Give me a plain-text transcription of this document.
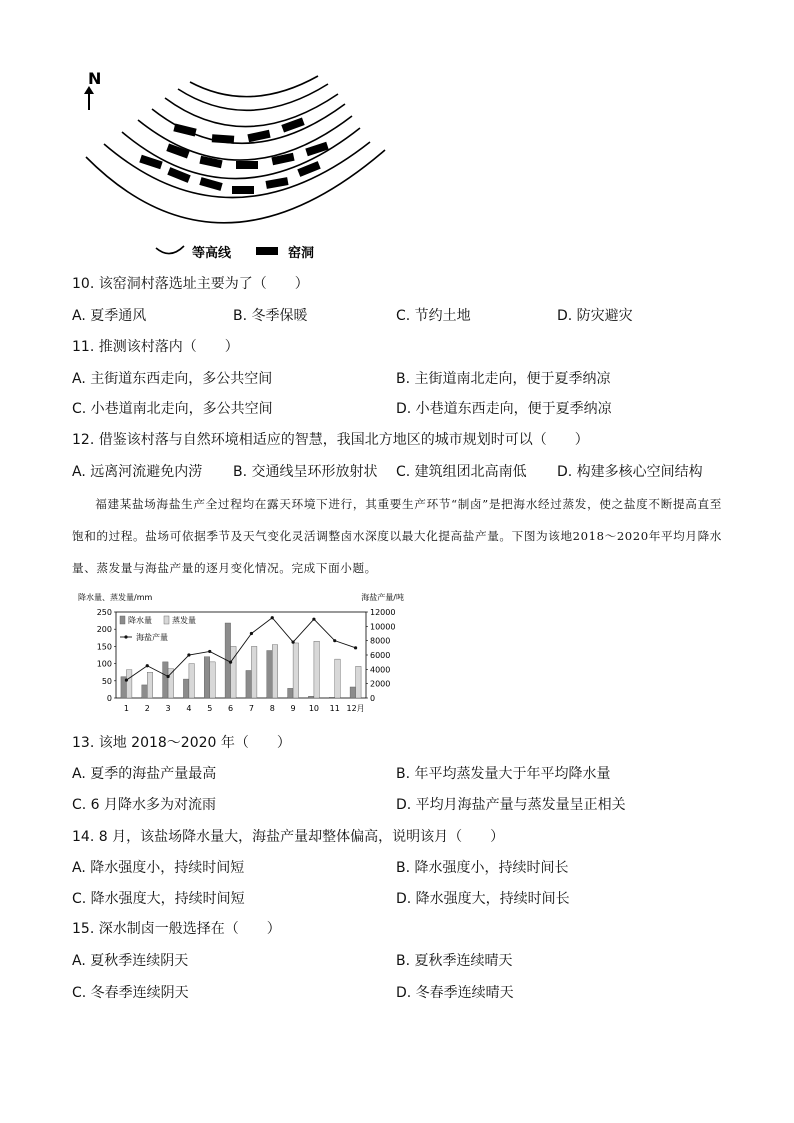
N
等高线	窑洞
10. 该窑洞村落选址主要为了（　　）
A. 夏季通风	B. 冬季保暖	C. 节约土地	D. 防灾避灾
11. 推测该村落内（　　）
A. 主街道东西走向，多公共空间	B. 主街道南北走向，便于夏季纳凉
C. 小巷道南北走向，多公共空间	D. 小巷道东西走向，便于夏季纳凉
12. 借鉴该村落与自然环境相适应的智慧，我国北方地区的城市规划时可以（　　）
A. 远离河流避免内涝 B. 交通线呈环形放射状 C. 建筑组团北高南低 D. 构建多核心空间结构

福建某盐场海盐生产全过程均在露天环境下进行，其重要生产环节“制卤”是把海水经过蒸发，使之盐度不断提高直至饱和的过程。盐场可依据季节及天气变化灵活调整卤水深度以最大化提高盐产量。下图为该地2018～2020年平均月降水量、蒸发量与海盐产量的逐月变化情况。完成下面小题。

降水量、蒸发量/mm	海盐产量/吨
250
200
150
100
50
0
12000
10000
8000
6000
4000
2000
0
1 2 3 4 5 6 7 8 9 10 11 12月
降水量	蒸发量
海盐产量
13. 该地 2018～2020 年（　　）
A. 夏季的海盐产量最高	B. 年平均蒸发量大于年平均降水量
C. 6 月降水多为对流雨	D. 平均月海盐产量与蒸发量呈正相关
14. 8 月，该盐场降水量大，海盐产量却整体偏高，说明该月（　　）
A. 降水强度小，持续时间短	B. 降水强度小，持续时间长
C. 降水强度大，持续时间短	D. 降水强度大，持续时间长
15. 深水制卤一般选择在（　　）
A. 夏秋季连续阴天	B. 夏秋季连续晴天
C. 冬春季连续阴天	D. 冬春季连续晴天
